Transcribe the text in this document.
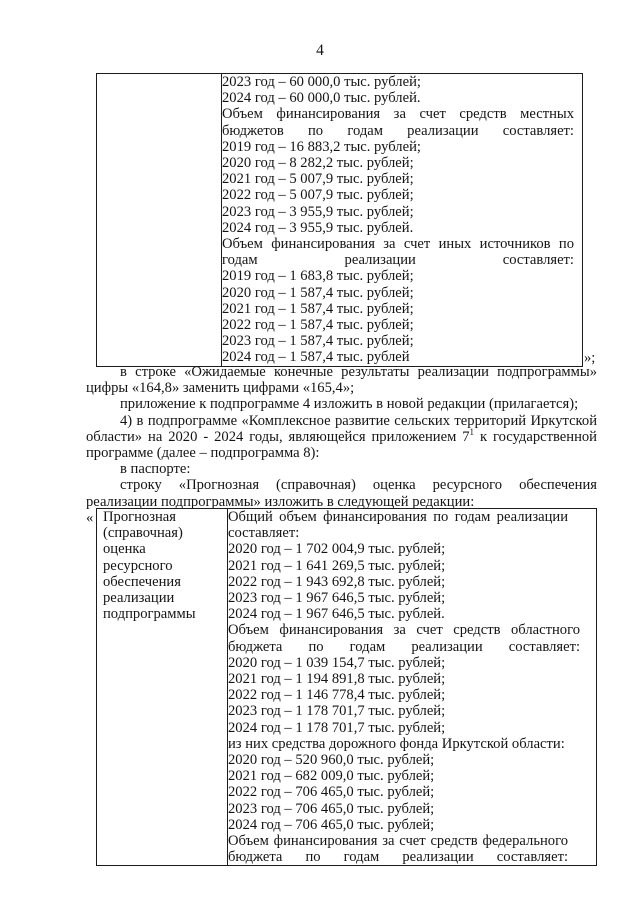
4

2023 год – 60 000,0 тыс. рублей;
2024 год – 60 000,0 тыс. рублей.
Объем финансирования за счет средств местных бюджетов по годам реализации составляет:
2019 год – 16 883,2 тыс. рублей;
2020 год – 8 282,2 тыс. рублей;
2021 год – 5 007,9 тыс. рублей;
2022 год – 5 007,9 тыс. рублей;
2023 год – 3 955,9 тыс. рублей;
2024 год – 3 955,9 тыс. рублей.
Объем финансирования за счет иных источников по годам реализации составляет:
2019 год – 1 683,8 тыс. рублей;
2020 год – 1 587,4 тыс. рублей;
2021 год – 1 587,4 тыс. рублей;
2022 год – 1 587,4 тыс. рублей;
2023 год – 1 587,4 тыс. рублей;
2024 год – 1 587,4 тыс. рублей	»;
в строке «Ожидаемые конечные результаты реализации подпрограммы» цифры «164,8» заменить цифрами «165,4»;
приложение к подпрограмме 4 изложить в новой редакции (прилагается);
4) в подпрограмме «Комплексное развитие сельских территорий Иркутской области» на 2020 - 2024 годы, являющейся приложением $7^1$ к государственной программе (далее – подпрограмма 8):
в паспорте:
строку «Прогнозная (справочная) оценка ресурсного обеспечения реализации подпрограммы» изложить в следующей редакции:
« Прогнозная
(справочная)
оценка
ресурсного
обеспечения
реализации
подпрограммы

Общий объем финансирования по годам реализации составляет:
2020 год – 1 702 004,9 тыс. рублей;
2021 год – 1 641 269,5 тыс. рублей;
2022 год – 1 943 692,8 тыс. рублей;
2023 год – 1 967 646,5 тыс. рублей;
2024 год – 1 967 646,5 тыс. рублей.
Объем финансирования за счет средств областного бюджета по годам реализации составляет:
2020 год – 1 039 154,7 тыс. рублей;
2021 год – 1 194 891,8 тыс. рублей;
2022 год – 1 146 778,4 тыс. рублей;
2023 год – 1 178 701,7 тыс. рублей;
2024 год – 1 178 701,7 тыс. рублей;
из них средства дорожного фонда Иркутской области:
2020 год – 520 960,0 тыс. рублей;
2021 год – 682 009,0 тыс. рублей;
2022 год – 706 465,0 тыс. рублей;
2023 год – 706 465,0 тыс. рублей;
2024 год – 706 465,0 тыс. рублей;
Объем финансирования за счет средств федерального бюджета по годам реализации составляет:
